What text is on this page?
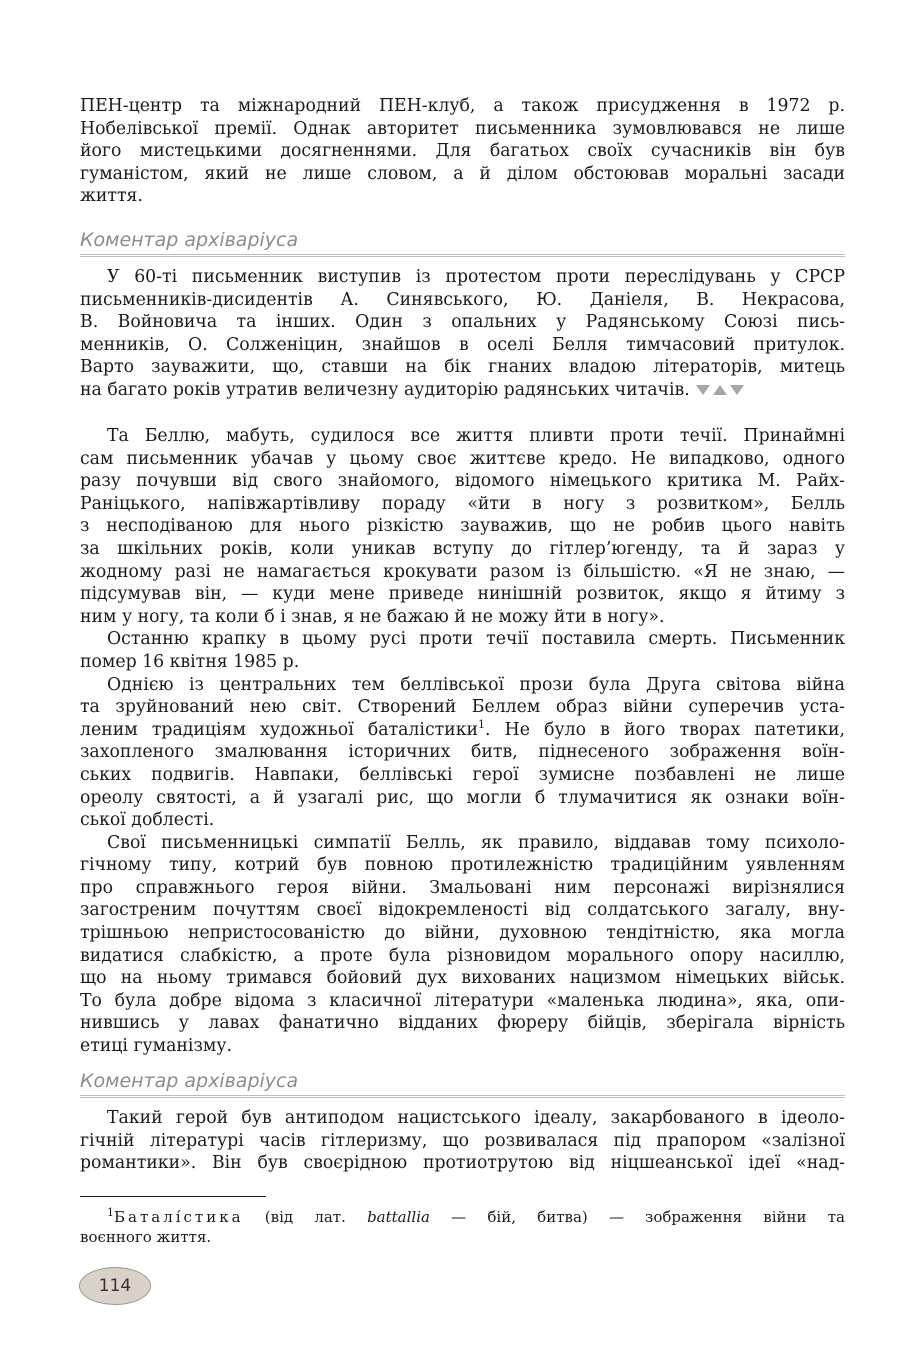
ПЕН-центр та міжнародний ПЕН-клуб, а також присудження в 1972 р.
Нобелівської премії. Однак авторитет письменника зумовлювався не лише
його мистецькими досягненнями. Для багатьох своїх сучасників він був
гуманістом, який не лише словом, а й ділом обстоював моральні засади
життя.
Коментар архіваріуса
У 60-ті письменник виступив із протестом проти переслідувань у СРСР
письменників-дисидентів А. Синявського, Ю. Даніеля, В. Некрасова,
В. Войновича та інших. Один з опальних у Радянському Союзі пись-
менників, О. Солженіцин, знайшов в оселі Белля тимчасовий притулок.
Варто зауважити, що, ставши на бік гнаних владою літераторів, митець
на багато років утратив величезну аудиторію радянських читачів.
Та Беллю, мабуть, судилося все життя пливти проти течії. Принаймні
сам письменник убачав у цьому своє життєве кредо. Не випадково, одного
разу почувши від свого знайомого, відомого німецького критика М. Райх-
Раніцького, напівжартівливу пораду «йти в ногу з розвитком», Белль
з несподіваною для нього різкістю зауважив, що не робив цього навіть
за шкільних років, коли уникав вступу до гітлер’югенду, та й зараз у
жодному разі не намагається крокувати разом із більшістю. «Я не знаю, —
підсумував він, — куди мене приведе нинішній розвиток, якщо я йтиму з
ним у ногу, та коли б і знав, я не бажаю й не можу йти в ногу».
Останню крапку в цьому русі проти течії поставила смерть. Письменник
помер 16 квітня 1985 р.
Однією із центральних тем беллівської прози була Друга світова війна
та зруйнований нею світ. Створений Беллем образ війни суперечив уста-
леним традиціям художньої баталістики$^1$. Не було в його творах патетики,
захопленого змалювання історичних битв, піднесеного зображення воїн-
ських подвигів. Навпаки, беллівські герої зумисне позбавлені не лише
ореолу святості, а й узагалі рис, що могли б тлумачитися як ознаки воїн-
ської доблесті.
Свої письменницькі симпатії Белль, як правило, віддавав тому психоло-
гічному типу, котрий був повною протилежністю традиційним уявленням
про справжнього героя війни. Змальовані ним персонажі вирізнялися
загостреним почуттям своєї відокремленості від солдатського загалу, вну-
трішньою непристосованістю до війни, духовною тендітністю, яка могла
видатися слабкістю, а проте була різновидом морального опору насиллю,
що на ньому тримався бойовий дух вихованих нацизмом німецьких військ.
То була добре відома з класичної літератури «маленька людина», яка, опи-
нившись у лавах фанатично відданих фюреру бійців, зберігала вірність
етиці гуманізму.
Коментар архіваріуса
Такий герой був антиподом нацистського ідеалу, закарбованого в ідеоло-
гічній літературі часів гітлеризму, що розвивалася під прапором «залізної
романтики». Він був своєрідною протиотрутою від ніцшеанської ідеї «над-
$^1$Баталі́стика (від лат. battallia — бій, битва) — зображення війни та
воєнного життя.
114
